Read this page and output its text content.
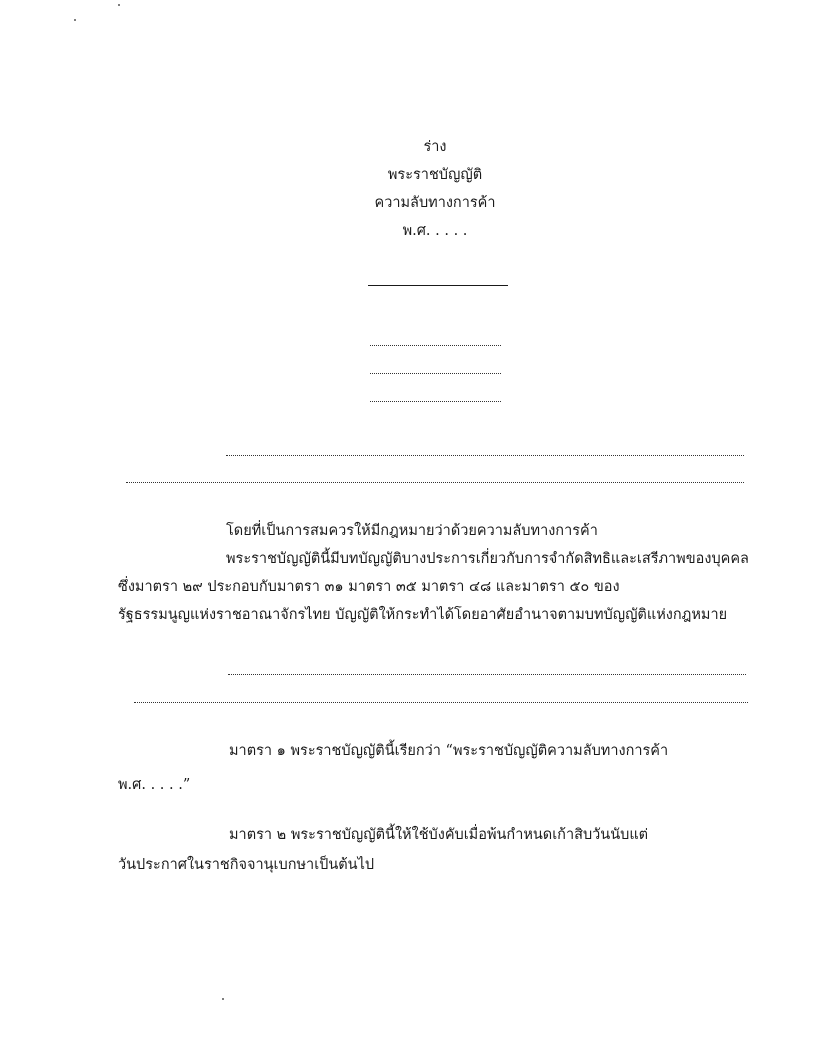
ร่าง
พระราชบัญญัติ
ความลับทางการค้า
พ.ศ. . . . .
โดยที่เป็นการสมควรให้มีกฎหมายว่าด้วยความลับทางการค้า
พระราชบัญญัตินี้มีบทบัญญัติบางประการเกี่ยวกับการจำกัดสิทธิและเสรีภาพของบุคคล
ซึ่งมาตรา ๒๙ ประกอบกับมาตรา ๓๑ มาตรา ๓๕ มาตรา ๔๘ และมาตรา ๕๐ ของ
รัฐธรรมนูญแห่งราชอาณาจักรไทย บัญญัติให้กระทำได้โดยอาศัยอำนาจตามบทบัญญัติแห่งกฎหมาย
มาตรา ๑ พระราชบัญญัตินี้เรียกว่า “พระราชบัญญัติความลับทางการค้า
พ.ศ. . . . .”
มาตรา ๒ พระราชบัญญัตินี้ให้ใช้บังคับเมื่อพ้นกำหนดเก้าสิบวันนับแต่
วันประกาศในราชกิจจานุเบกษาเป็นต้นไป
